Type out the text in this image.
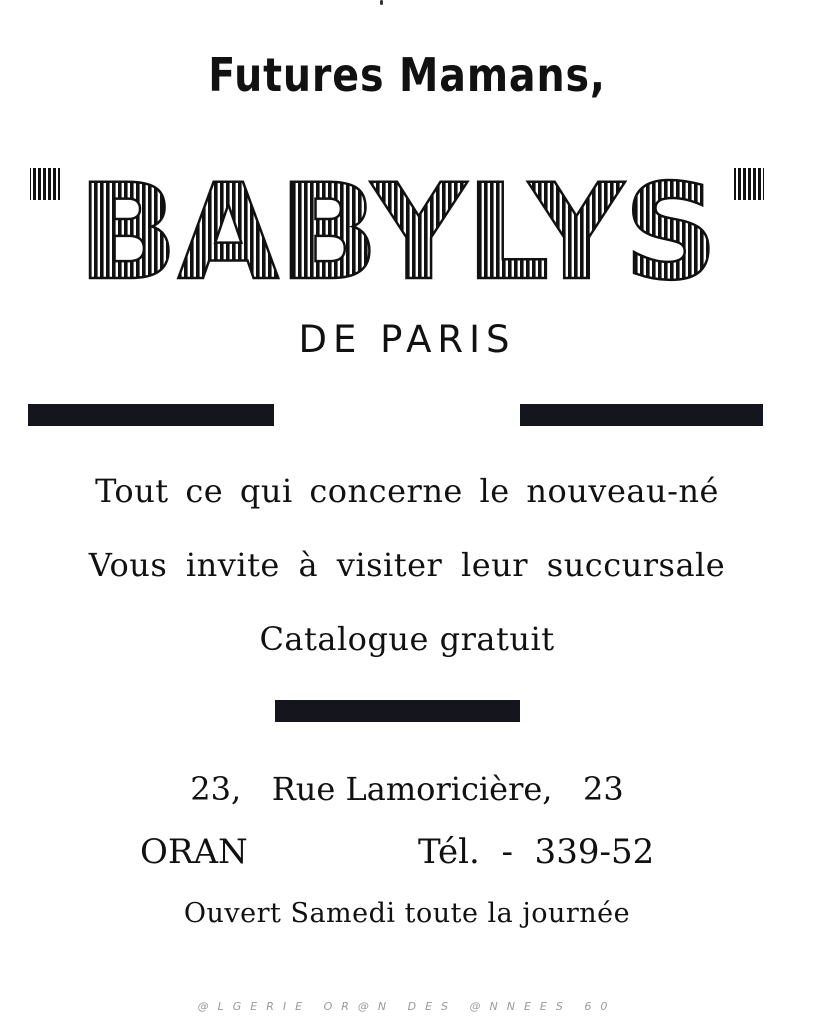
Futures Mamans,
BABYLYS
DE PARIS
Tout ce qui concerne le nouveau-né
Vous invite à visiter leur succursale
Catalogue gratuit
23,   Rue Lamoricière,   23
ORAN	Tél.  -  339-52
Ouvert Samedi toute la journée
@LGERIE OR@N DES @NNEES 60
